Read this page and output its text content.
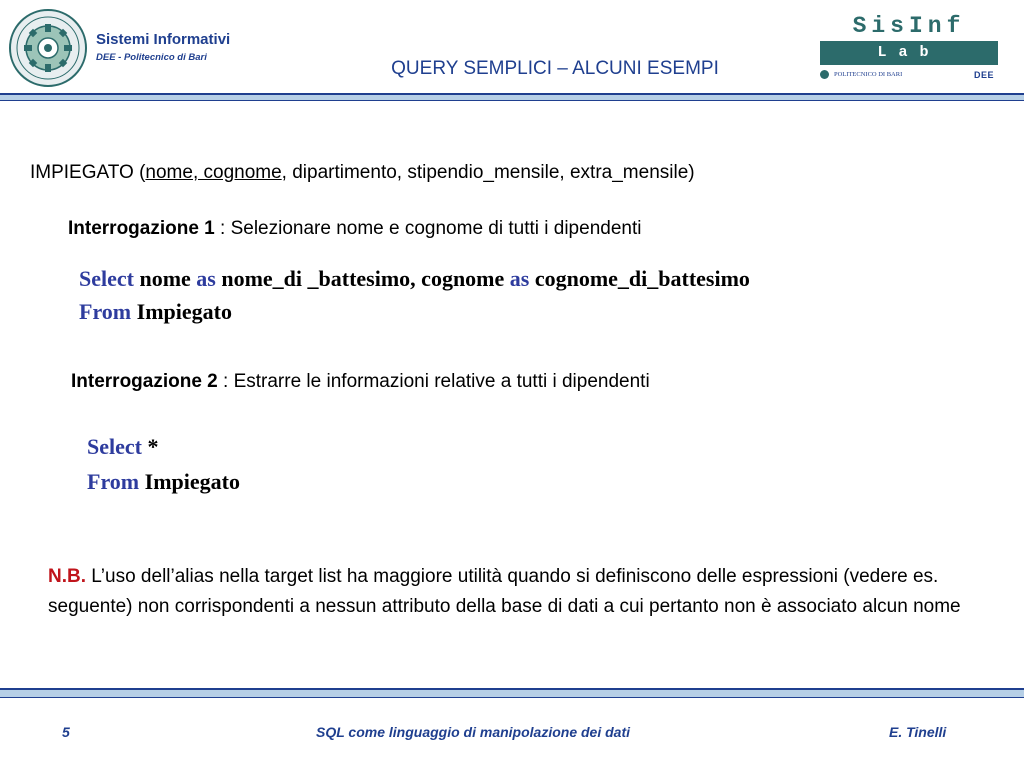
Sistemi Informativi
DEE - Politecnico di Bari
QUERY SEMPLICI – ALCUNI ESEMPI
SisInf
Lab
POLITECNICO DI BARI	DEE
IMPIEGATO (nome, cognome, dipartimento, stipendio_mensile, extra_mensile)
Interrogazione 1 : Selezionare nome e cognome di tutti i dipendenti
Select nome as nome_di _battesimo, cognome as cognome_di_battesimo
From Impiegato
Interrogazione 2 : Estrarre le informazioni relative a tutti i dipendenti
Select *
From Impiegato
N.B. L’uso dell’alias nella target list ha maggiore utilità quando si definiscono delle espressioni (vedere es. seguente) non corrispondenti a nessun attributo della base di dati a cui pertanto non è associato alcun nome
5	SQL come linguaggio di manipolazione dei dati	E. Tinelli
